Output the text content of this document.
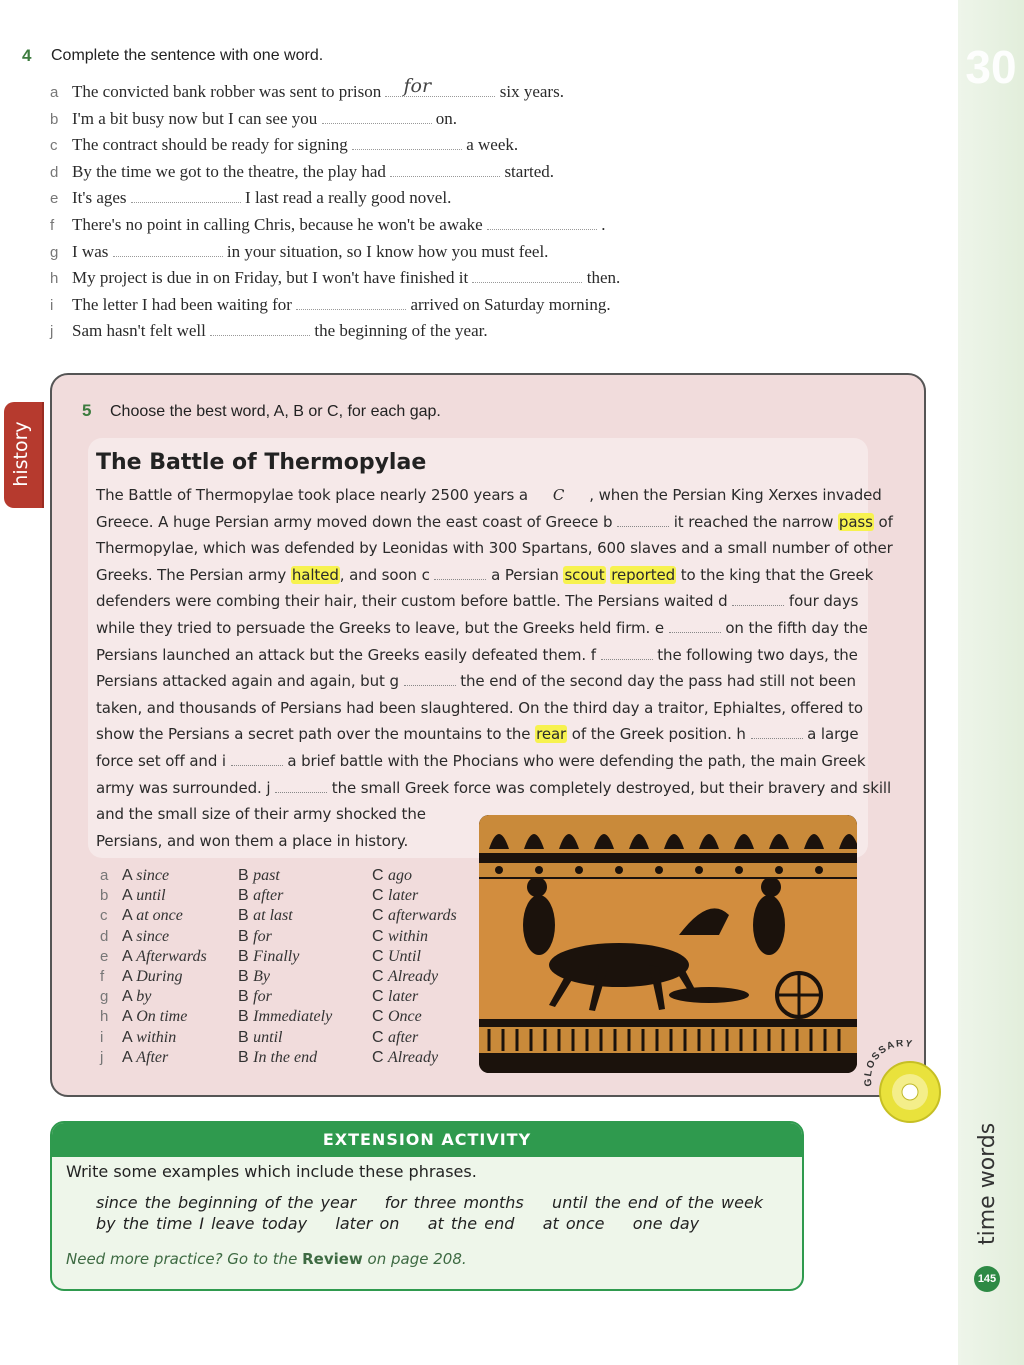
30
time words
145
4 Complete the sentence with one word.
a The convicted bank robber was sent to prison for	six years.
b I'm a bit busy now but I can see you	on.
c The contract should be ready for signing	a week.
d By the time we got to the theatre, the play had	started.
e It's ages	I last read a really good novel.
f There's no point in calling Chris, because he won't be awake	.
g I was	in your situation, so I know how you must feel.
h My project is due in on Friday, but I won't have finished it	then.
i The letter I had been waiting for	arrived on Saturday morning.
j Sam hasn't felt well	the beginning of the year.
history
5 Choose the best word, A, B or C, for each gap.
The Battle of Thermopylae
The Battle of Thermopylae took place nearly 2500 years a C , when the Persian King Xerxes invaded
Greece. A huge Persian army moved down the east coast of Greece b	it reached the narrow pass of
Thermopylae, which was defended by Leonidas with 300 Spartans, 600 slaves and a small number of other
Greeks. The Persian army halted, and soon c	a Persian scout reported to the king that the Greek
defenders were combing their hair, their custom before battle. The Persians waited d	four days
while they tried to persuade the Greeks to leave, but the Greeks held firm. e	on the fifth day the
Persians launched an attack but the Greeks easily defeated them. f	the following two days, the
Persians attacked again and again, but g	the end of the second day the pass had still not been
taken, and thousands of Persians had been slaughtered. On the third day a traitor, Ephialtes, offered to
show the Persians a secret path over the mountains to the rear of the Greek position. h	a large
force set off and i	a brief battle with the Phocians who were defending the path, the main Greek
army was surrounded. j	the small Greek force was completely destroyed, but their bravery and skill
and the small size of their army shocked the
Persians, and won them a place in history.
a A since	B past	C ago
b A until	B after	C later
c A at once	B at last	C afterwards
d A since	B for	C within
e A Afterwards B Finally	C Until
f A During	B By	C Already
g A by	B for	C later
h A On time	B Immediately C Once
i A within	B until	C after
j A After	B In the end	C Already
GLOSSARY
EXTENSION ACTIVITY
Write some examples which include these phrases.
since the beginning of the year    for three months    until the end of the week
by the time I leave today    later on    at the end    at once    one day
Need more practice? Go to the Review on page 208.
